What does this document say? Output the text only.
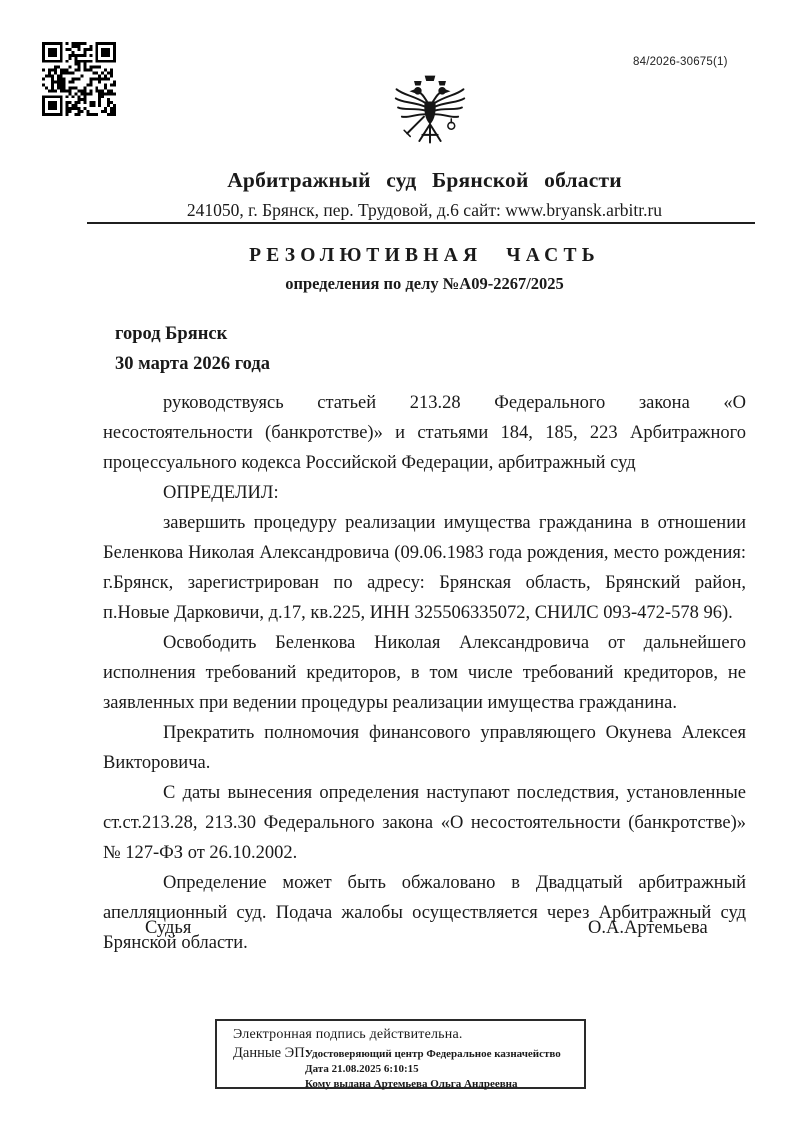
84/2026-30675(1)
Арбитражный суд Брянской области
241050, г. Брянск, пер. Трудовой, д.6 сайт: www.bryansk.arbitr.ru
РЕЗОЛЮТИВНАЯ ЧАСТЬ
определения по делу №А09-2267/2025
город Брянск
30 марта 2026 года

руководствуясь статьей 213.28 Федерального закона «О несостоятельности (банкротстве)» и статьями 184, 185, 223 Арбитражного процессуального кодекса Российской Федерации, арбитражный суд

ОПРЕДЕЛИЛ:

завершить процедуру реализации имущества гражданина в отношении Беленкова Николая Александровича (09.06.1983 года рождения, место рождения: г.Брянск, зарегистрирован по адресу: Брянская область, Брянский район, п.Новые Дарковичи, д.17, кв.225, ИНН 325506335072, СНИЛС 093-472-578 96).

Освободить Беленкова Николая Александровича от дальнейшего исполнения требований кредиторов, в том числе требований кредиторов, не заявленных при ведении процедуры реализации имущества гражданина.

Прекратить полномочия финансового управляющего Окунева Алексея Викторовича.

С даты вынесения определения наступают последствия, установленные ст.ст.213.28, 213.30 Федерального закона «О несостоятельности (банкротстве)» № 127-ФЗ от 26.10.2002.

Определение может быть обжаловано в Двадцатый арбитражный апелляционный суд. Подача жалобы осуществляется через Арбитражный суд Брянской области.

Судья	О.А.Артемьева
Электронная подпись действительна.
Данные ЭП:
Удостоверяющий центр Федеральное казначейство
Дата 21.08.2025 6:10:15
Кому выдана Артемьева Ольга Андреевна
